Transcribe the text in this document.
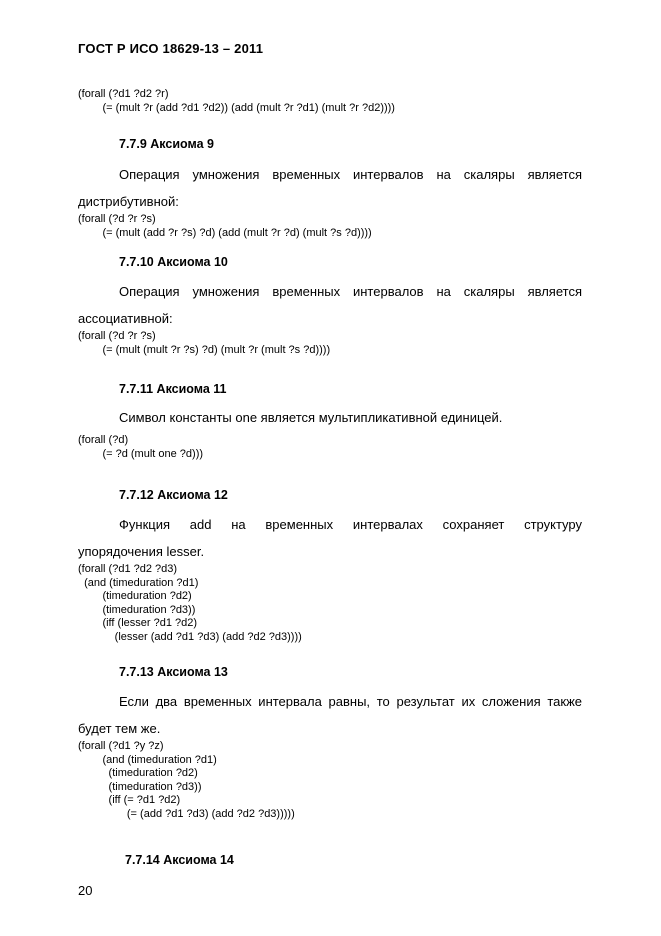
ГОСТ Р ИСО 18629-13 – 2011
(forall (?d1 ?d2 ?r)
(= (mult ?r (add ?d1 ?d2)) (add (mult ?r ?d1) (mult ?r ?d2))))
7.7.9 Аксиома 9
Операция умножения временных интервалов на скаляры является
дистрибутивной:
(forall (?d ?r ?s)
(= (mult (add ?r ?s) ?d) (add (mult ?r ?d) (mult ?s ?d))))
7.7.10 Аксиома 10
Операция умножения временных интервалов на скаляры является
ассоциативной:
(forall (?d ?r ?s)
(= (mult (mult ?r ?s) ?d) (mult ?r (mult ?s ?d))))
7.7.11 Аксиома 11
Символ константы one является мультипликативной единицей.
(forall (?d)
(= ?d (mult one ?d)))
7.7.12 Аксиома 12
Функция add на временных интервалах сохраняет структуру
упорядочения lesser.
(forall (?d1 ?d2 ?d3)
(and (timeduration ?d1)
(timeduration ?d2)
(timeduration ?d3))
(iff (lesser ?d1 ?d2)
(lesser (add ?d1 ?d3) (add ?d2 ?d3))))
7.7.13 Аксиома 13
Если два временных интервала равны, то результат их сложения также
будет тем же.
(forall (?d1 ?y ?z)
(and (timeduration ?d1)
(timeduration ?d2)
(timeduration ?d3))
(iff (= ?d1 ?d2)
(= (add ?d1 ?d3) (add ?d2 ?d3)))))
7.7.14 Аксиома 14
20
